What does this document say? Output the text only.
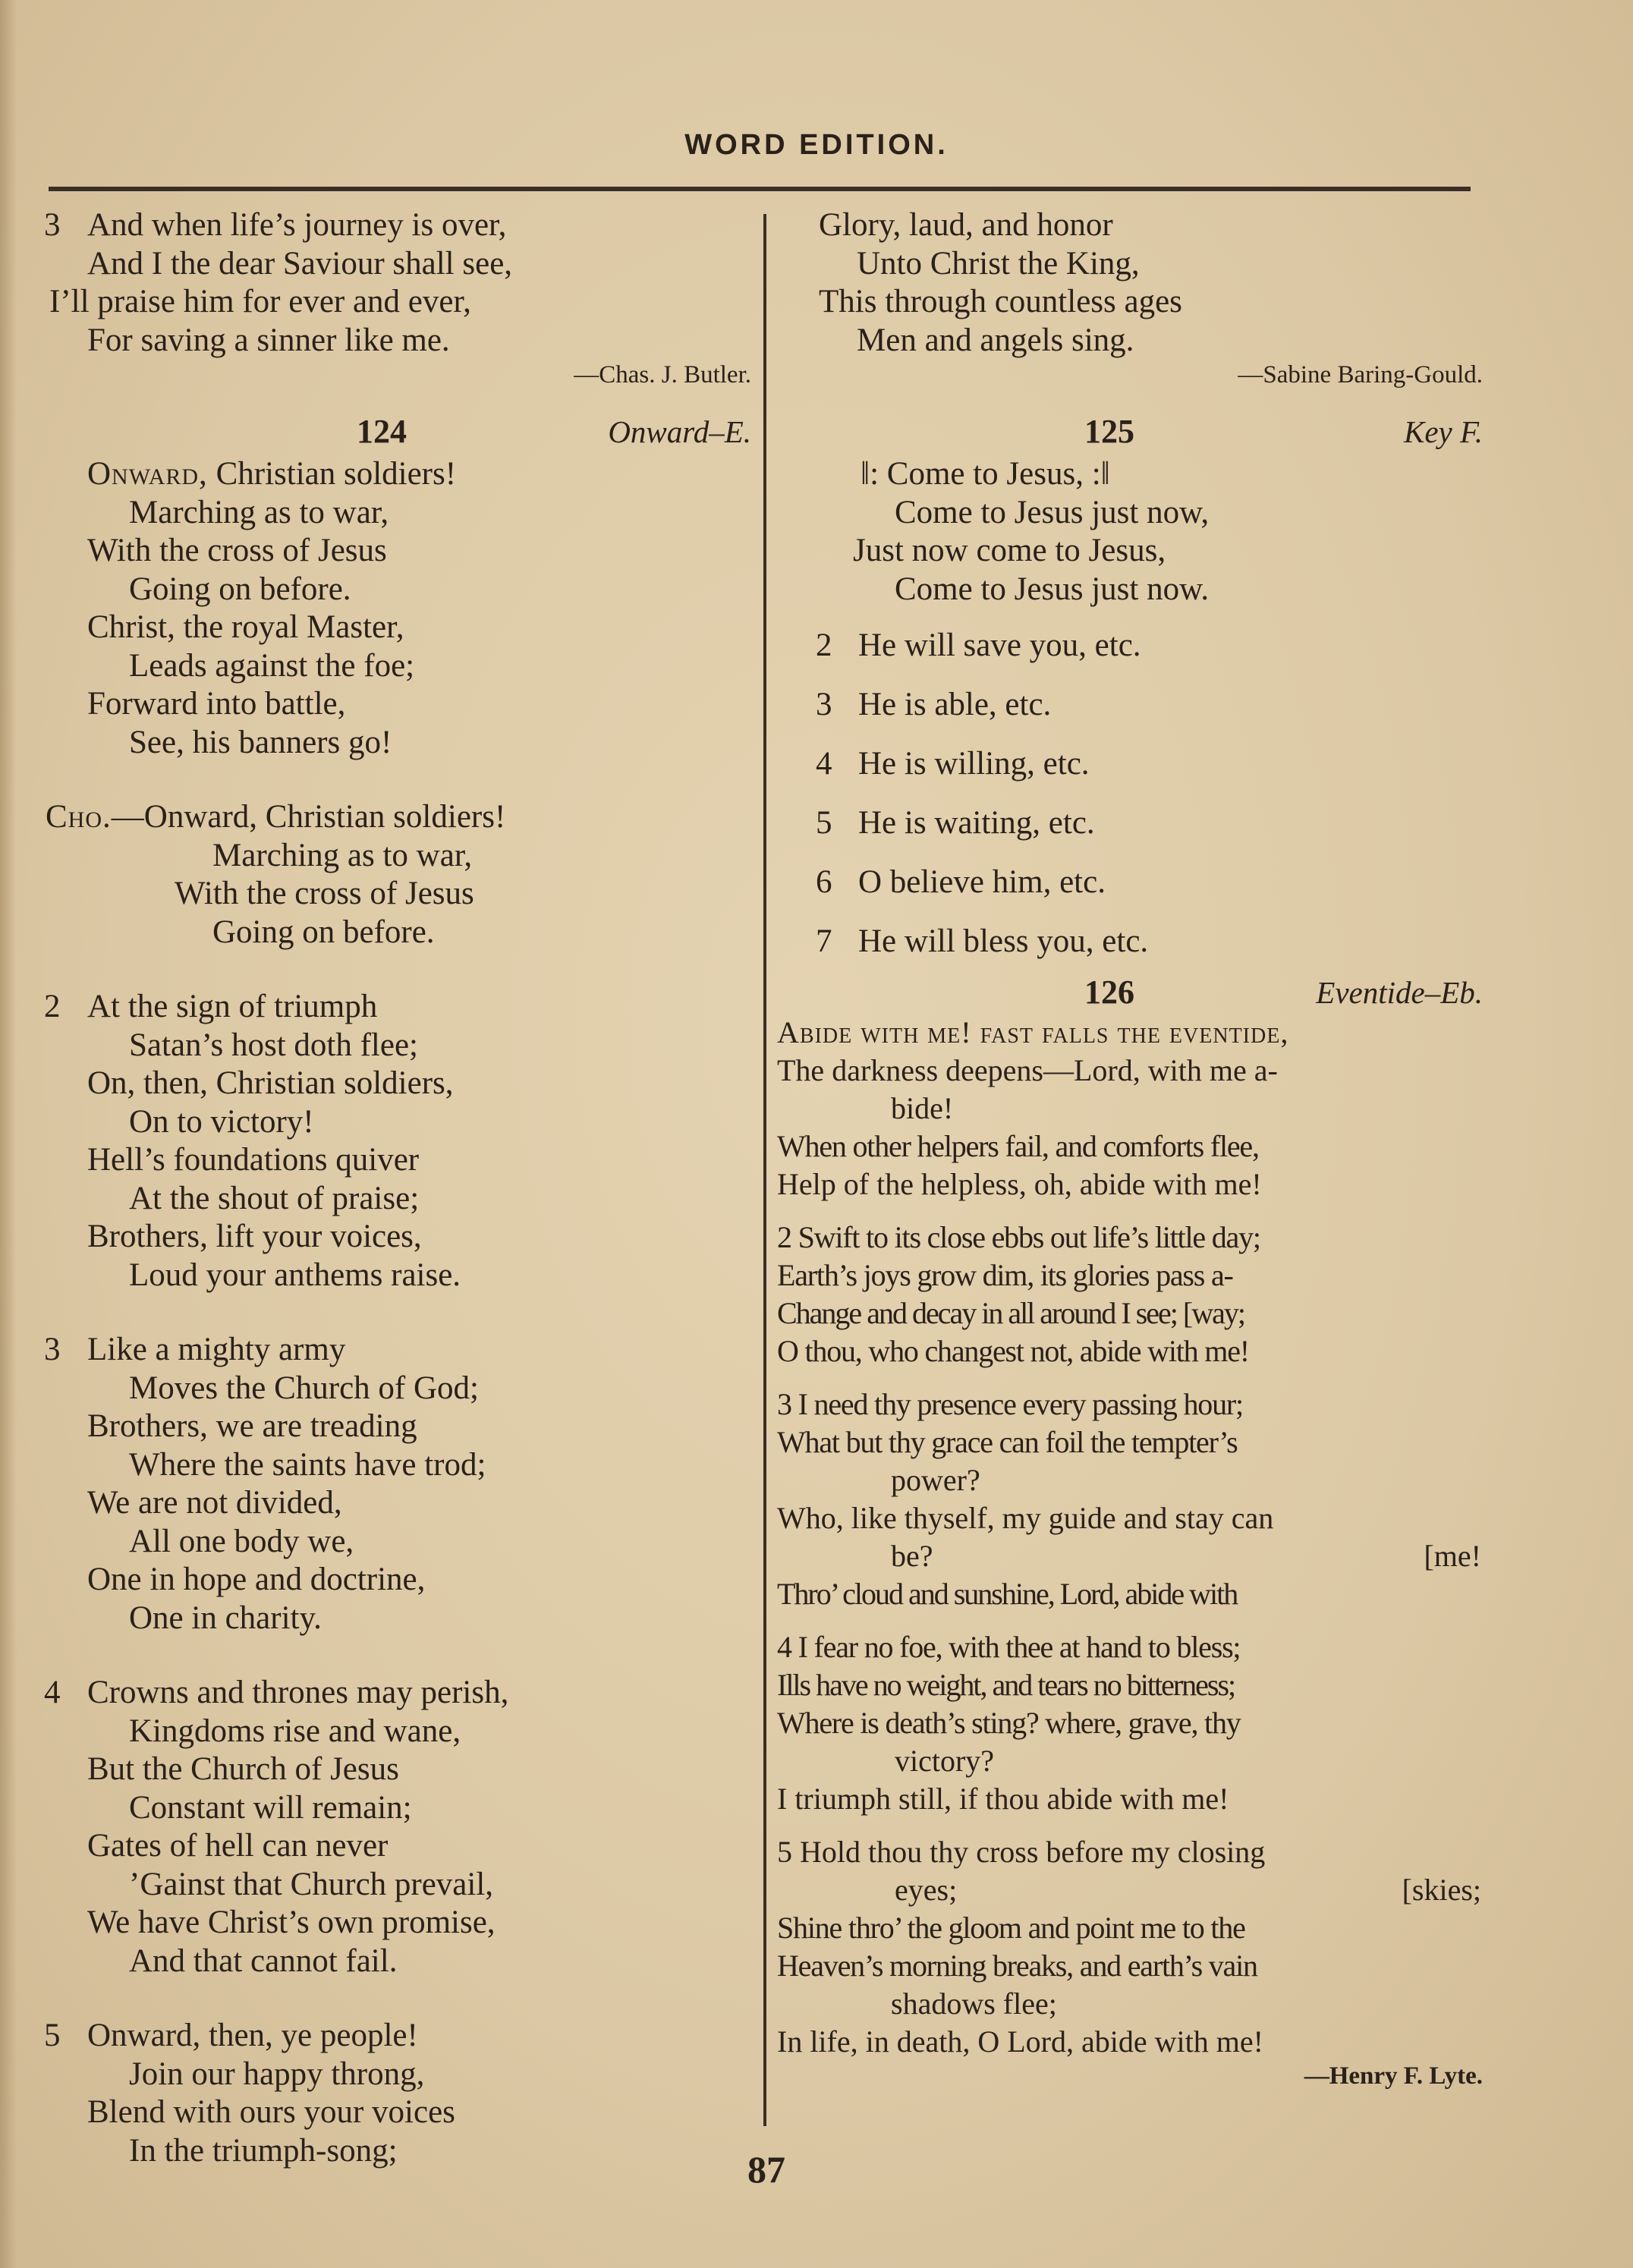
WORD EDITION.
3 And when life’s journey is over,
And I the dear Saviour shall see,
I’ll praise him for ever and ever,
For saving a sinner like me.
—Chas. J. Butler.
124	Onward–E.
Onward, Christian soldiers!
Marching as to war,
With the cross of Jesus
Going on before.
Christ, the royal Master,
Leads against the foe;
Forward into battle,
See, his banners go!
Cho.—Onward, Christian soldiers!
Marching as to war,
With the cross of Jesus
Going on before.
2 At the sign of triumph
Satan’s host doth flee;
On, then, Christian soldiers,
On to victory!
Hell’s foundations quiver
At the shout of praise;
Brothers, lift your voices,
Loud your anthems raise.
3 Like a mighty army
Moves the Church of God;
Brothers, we are treading
Where the saints have trod;
We are not divided,
All one body we,
One in hope and doctrine,
One in charity.
4 Crowns and thrones may perish,
Kingdoms rise and wane,
But the Church of Jesus
Constant will remain;
Gates of hell can never
’Gainst that Church prevail,
We have Christ’s own promise,
And that cannot fail.
5 Onward, then, ye people!
Join our happy throng,
Blend with ours your voices
In the triumph-song;
Glory, laud, and honor
Unto Christ the King,
This through countless ages
Men and angels sing.
—Sabine Baring-Gould.
125	Key F.
‖: Come to Jesus, :‖
Come to Jesus just now,
Just now come to Jesus,
Come to Jesus just now.
2 He will save you, etc.
3 He is able, etc.
4 He is willing, etc.
5 He is waiting, etc.
6 O believe him, etc.
7 He will bless you, etc.
126	Eventide–Eb.
Abide with me! fast falls the eventide,
The darkness deepens—Lord, with me a-
bide!
When other helpers fail, and comforts flee,
Help of the helpless, oh, abide with me!
2 Swift to its close ebbs out life’s little day;
Earth’s joys grow dim, its glories pass a-
Change and decay in all around I see; [way;
O thou, who changest not, abide with me!
3 I need thy presence every passing hour;
What but thy grace can foil the tempter’s
power?
Who, like thyself, my guide and stay can
be?	[me!
Thro’ cloud and sunshine, Lord, abide with
4 I fear no foe, with thee at hand to bless;
Ills have no weight, and tears no bitterness;
Where is death’s sting? where, grave, thy
victory?
I triumph still, if thou abide with me!
5 Hold thou thy cross before my closing
eyes;	[skies;
Shine thro’ the gloom and point me to the
Heaven’s morning breaks, and earth’s vain
shadows flee;
In life, in death, O Lord, abide with me!
—Henry F. Lyte.
87
